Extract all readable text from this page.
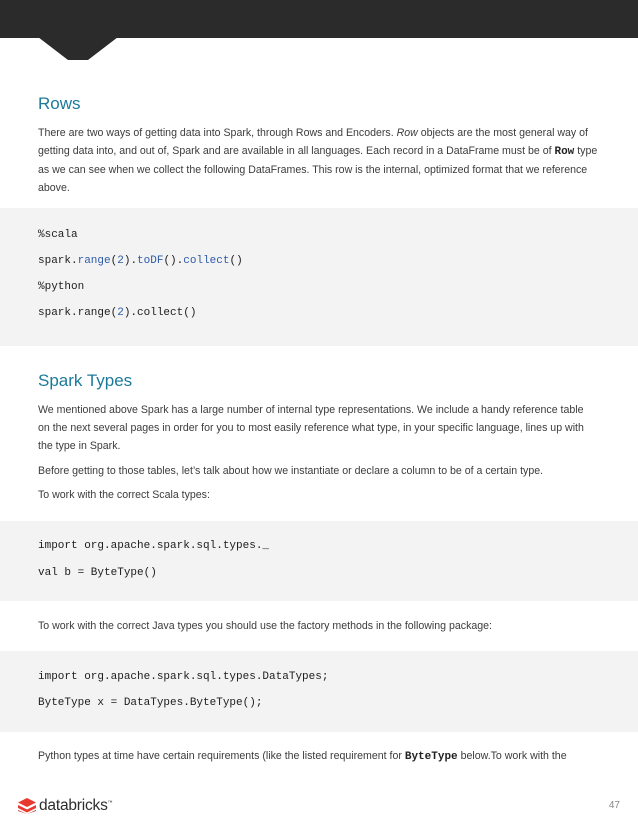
Rows

There are two ways of getting data into Spark, through Rows and Encoders. Row objects are the most general way of getting data into, and out of, Spark and are available in all languages. Each record in a DataFrame must be of Row type as we can see when we collect the following DataFrames. This row is the internal, optimized format that we reference above.

%scala
spark.range(2).toDF().collect()
%python
spark.range(2).collect()
Spark Types

We mentioned above Spark has a large number of internal type representations. We include a handy reference table on the next several pages in order for you to most easily reference what type, in your specific language, lines up with the type in Spark.

Before getting to those tables, let’s talk about how we instantiate or declare a column to be of a certain type.

To work with the correct Scala types:

import org.apache.spark.sql.types._
val b = ByteType()

To work with the correct Java types you should use the factory methods in the following package:

import org.apache.spark.sql.types.DataTypes;
ByteType x = DataTypes.ByteType();

Python types at time have certain requirements (like the listed requirement for ByteType below.To work with the

databricks™	47
